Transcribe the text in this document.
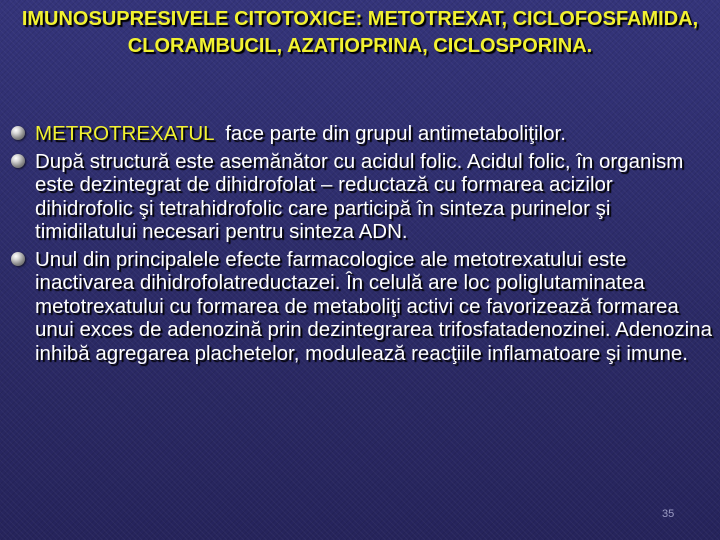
IMUNOSUPRESIVELE CITOTOXICE: METOTREXAT, CICLOFOSFAMIDA, CLORAMBUCIL, AZATIOPRINA, CICLOSPORINA.
METROTREXATUL  face parte din grupul antimetaboliţilor.
După structură este asemănător cu acidul folic. Acidul folic, în organism este dezintegrat de dihidrofolat – reductază cu formarea acizilor dihidrofolic şi tetrahidrofolic care participă în sinteza purinelor şi timidilatului necesari pentru sinteza ADN.
Unul din principalele efecte farmacologice ale metotrexatului este inactivarea dihidrofolatreductazei. În celulă are loc poliglutaminatea metotrexatului cu formarea de metaboliţi activi ce favorizează formarea unui exces de adenozină prin dezintegrarea trifosfatadenozinei. Adenozina inhibă agregarea plachetelor, modulează reacţiile inflamatoare şi imune.
35
